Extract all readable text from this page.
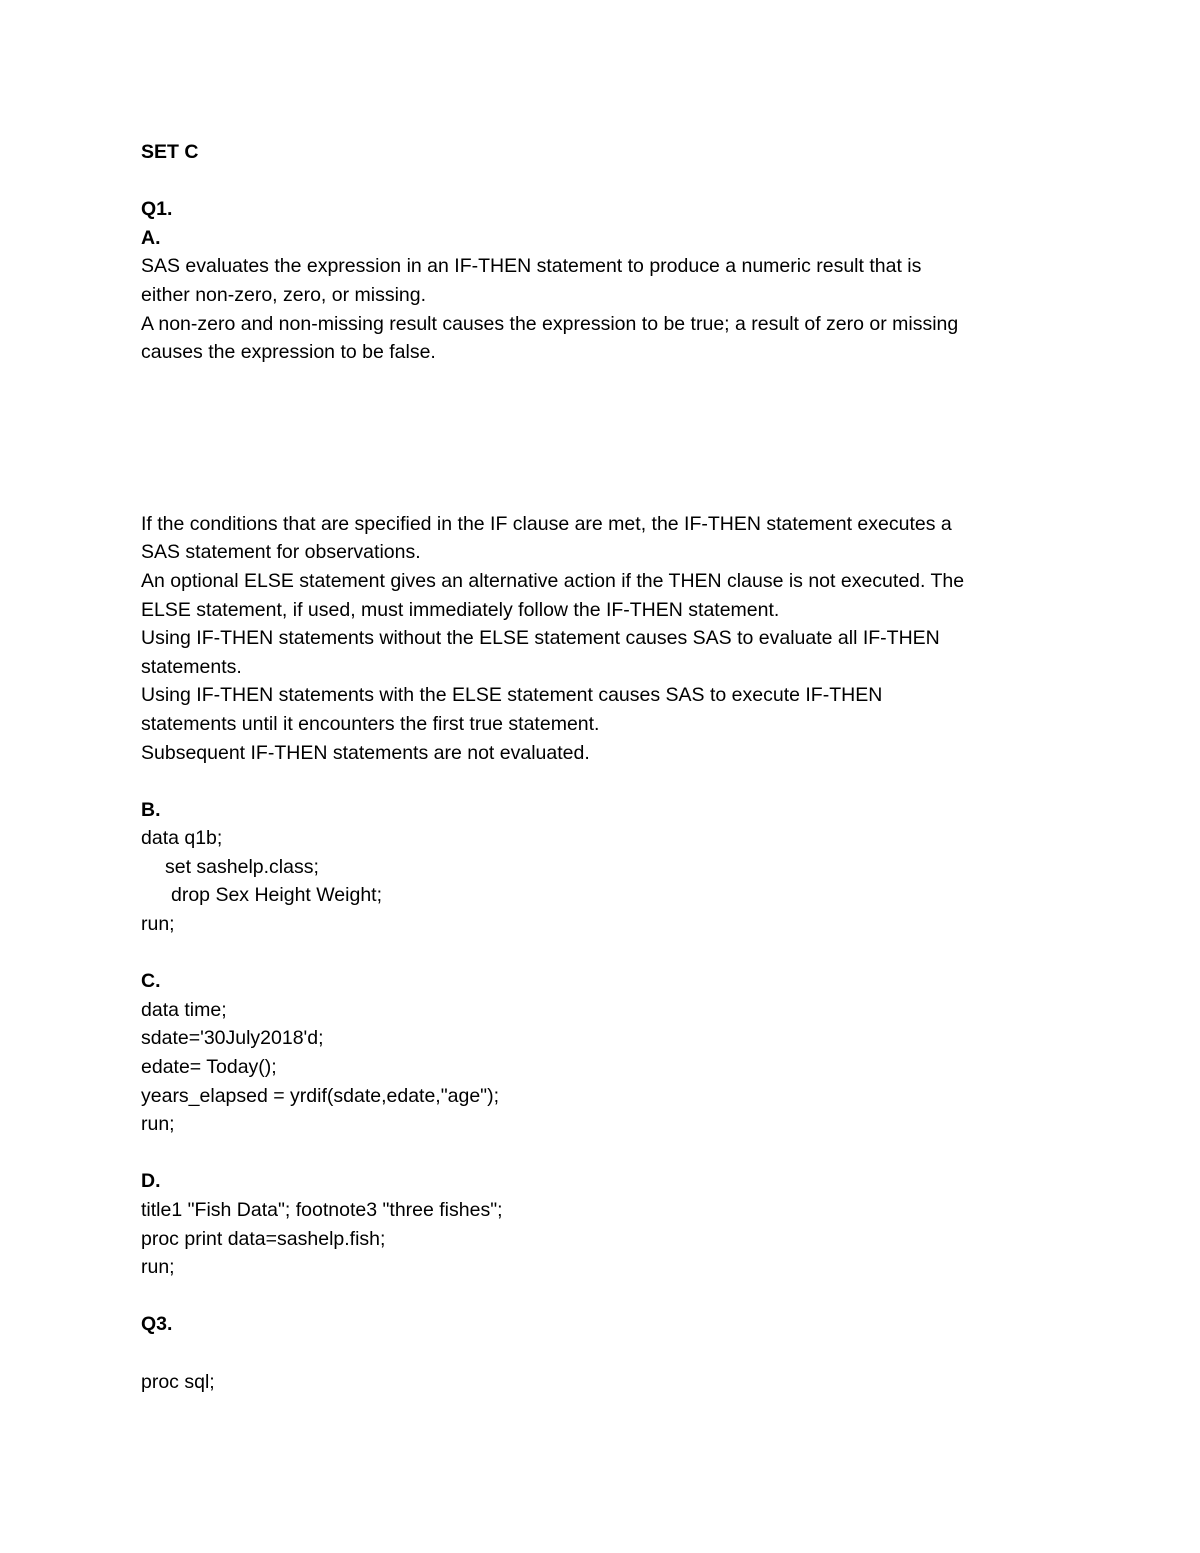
SET C
Q1.
A.
SAS evaluates the expression in an IF-THEN statement to produce a numeric result that is
either non-zero, zero, or missing.
A non-zero and non-missing result causes the expression to be true; a result of zero or missing
causes the expression to be false.
If the conditions that are specified in the IF clause are met, the IF-THEN statement executes a
SAS statement for observations.
An optional ELSE statement gives an alternative action if the THEN clause is not executed. The
ELSE statement, if used, must immediately follow the IF-THEN statement.
Using IF-THEN statements without the ELSE statement causes SAS to evaluate all IF-THEN
statements.
Using IF-THEN statements with the ELSE statement causes SAS to execute IF-THEN
statements until it encounters the first true statement.
Subsequent IF-THEN statements are not evaluated.
B.
data q1b;
set sashelp.class;
drop Sex Height Weight;
run;
C.
data time;
sdate='30July2018'd;
edate= Today();
years_elapsed = yrdif(sdate,edate,"age");
run;
D.
title1 "Fish Data"; footnote3 "three fishes";
proc print data=sashelp.fish;
run;
Q3.
proc sql;
